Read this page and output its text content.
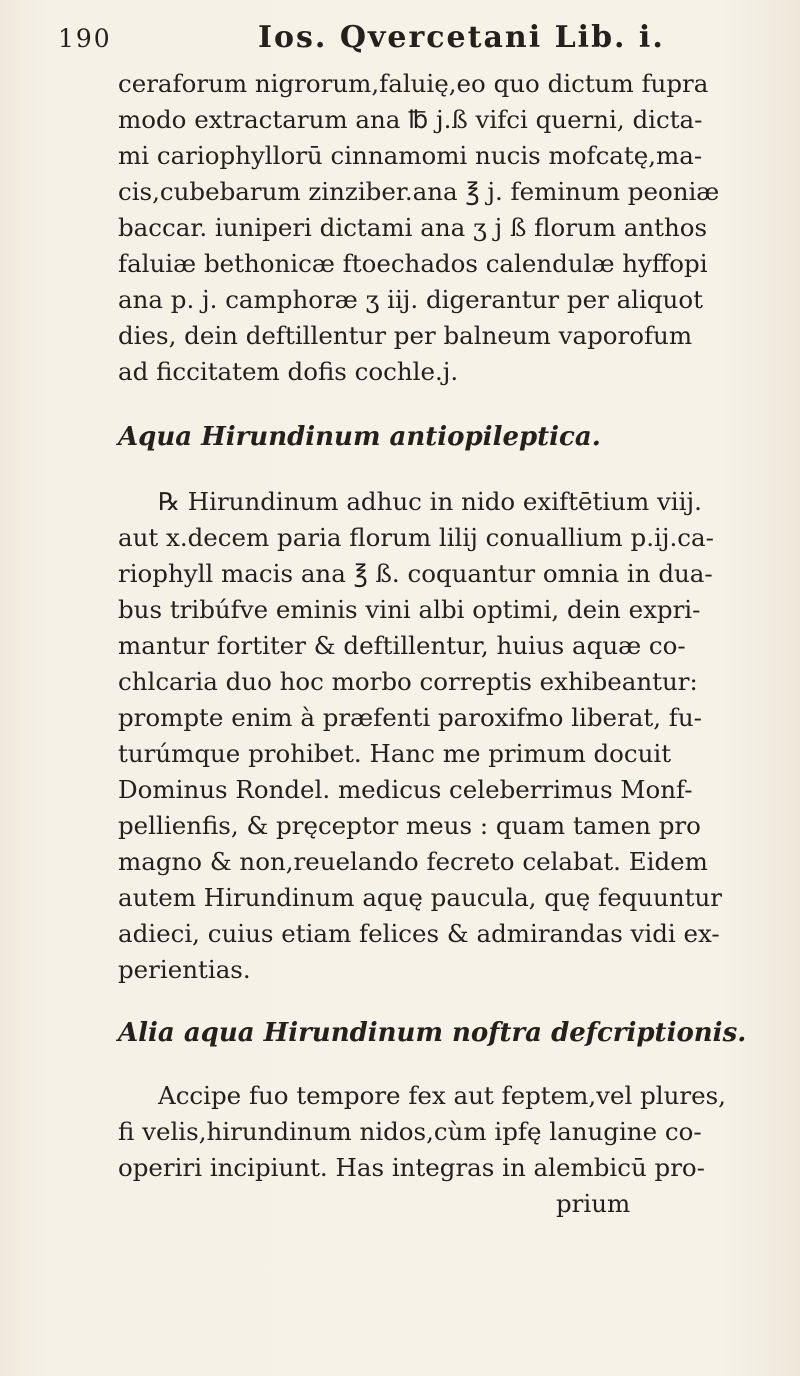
190	Ios. Qvercetani Lib. i.
ceraforum nigrorum,faluię,eo quo dictum fupra
modo extractarum ana ℔ j.ß vifci querni, dicta-
mi cariophyllorū cinnamomi nucis mofcatę,ma-
cis,cubebarum zinziber.ana ℥ j. feminum peoniæ
baccar. iuniperi dictami ana ʒ j ß florum anthos
faluiæ bethonicæ ftoechados calendulæ hyffopi
ana p. j. camphoræ ʒ iij. digerantur per aliquot
dies, dein deftillentur per balneum vaporofum
ad ficcitatem dofis cochle.j.
Aqua Hirundinum antiopileptica.
℞ Hirundinum adhuc in nido exiftētium viij.
aut x.decem paria florum lilij conuallium p.ij.ca-
riophyll macis ana ℥ ß. coquantur omnia in dua-
bus tribúfve eminis vini albi optimi, dein expri-
mantur fortiter & deftillentur, huius aquæ co-
chlcaria duo hoc morbo correptis exhibeantur:
prompte enim à præfenti paroxifmo liberat, fu-
turúmque prohibet. Hanc me primum docuit
Dominus Rondel. medicus celeberrimus Monf-
pellienfis, & pręceptor meus : quam tamen pro
magno & non,reuelando fecreto celabat. Eidem
autem Hirundinum aquę paucula, quę fequuntur
adieci, cuius etiam felices & admirandas vidi ex-
perientias.
Alia aqua Hirundinum noftra defcriptionis.
Accipe fuo tempore fex aut feptem,vel plures,
fi velis,hirundinum nidos,cùm ipfę lanugine co-
operiri incipiunt. Has integras in alembicū pro-
prium
